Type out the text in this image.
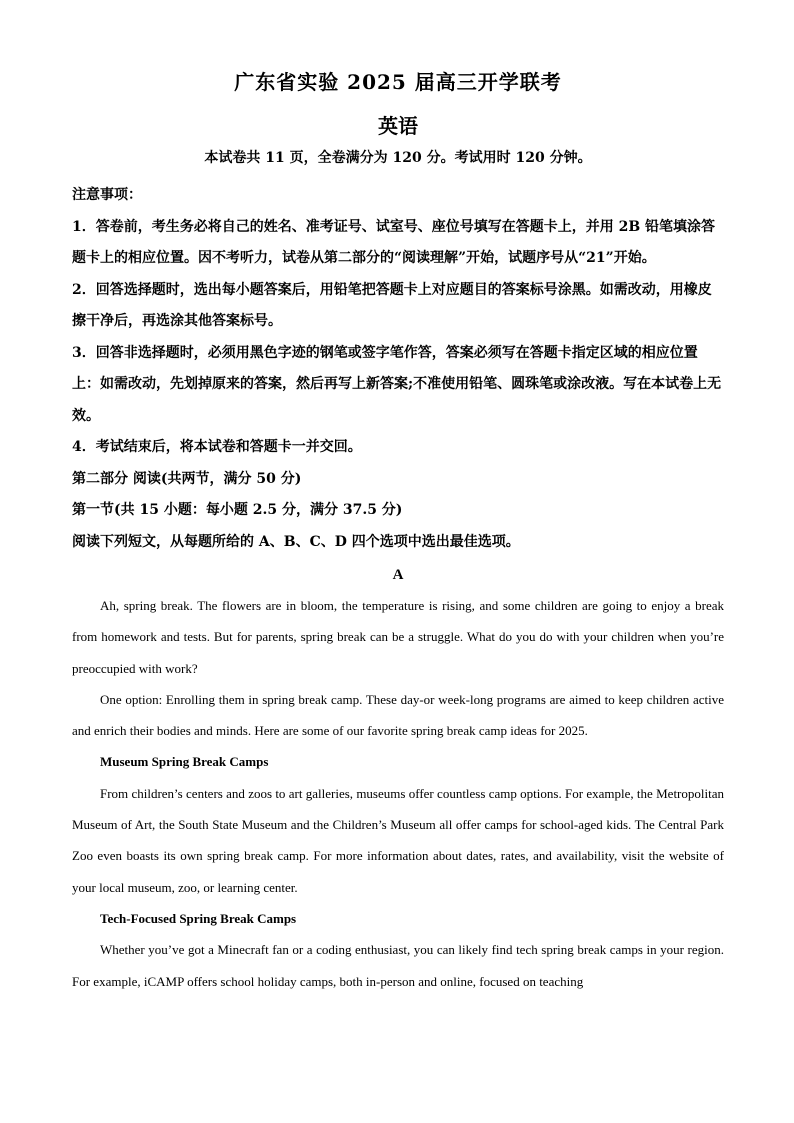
广东省实验 2025 届高三开学联考
英语

本试卷共 11 页，全卷满分为 120 分。考试用时 120 分钟。

注意事项：

1．答卷前，考生务必将自己的姓名、准考证号、试室号、座位号填写在答题卡上，并用 2B 铅笔填涂答题卡上的相应位置。因不考听力，试卷从第二部分的“阅读理解”开始，试题序号从“21”开始。

2．回答选择题时，选出每小题答案后，用铅笔把答题卡上对应题目的答案标号涂黑。如需改动，用橡皮擦干净后，再选涂其他答案标号。

3．回答非选择题时，必须用黑色字迹的钢笔或签字笔作答，答案必须写在答题卡指定区域的相应位置上：如需改动，先划掉原来的答案，然后再写上新答案;不准使用铅笔、圆珠笔或涂改液。写在本试卷上无效。

4．考试结束后，将本试卷和答题卡一并交回。

第二部分 阅读(共两节，满分 50 分)

第一节(共 15 小题：每小题 2.5 分，满分 37.5 分)

阅读下列短文，从每题所给的 A、B、C、D 四个选项中选出最佳选项。

A

Ah, spring break. The flowers are in bloom, the temperature is rising, and some children are going to enjoy a break from homework and tests. But for parents, spring break can be a struggle. What do you do with your children when you’re preoccupied with work?

One option: Enrolling them in spring break camp. These day-or week-long programs are aimed to keep children active and enrich their bodies and minds. Here are some of our favorite spring break camp ideas for 2025.

Museum Spring Break Camps

From children’s centers and zoos to art galleries, museums offer countless camp options. For example, the Metropolitan Museum of Art, the South State Museum and the Children’s Museum all offer camps for school-aged kids. The Central Park Zoo even boasts its own spring break camp. For more information about dates, rates, and availability, visit the website of your local museum, zoo, or learning center.

Tech-Focused Spring Break Camps

Whether you’ve got a Minecraft fan or a coding enthusiast, you can likely find tech spring break camps in your region. For example, iCAMP offers school holiday camps, both in-person and online, focused on teaching
